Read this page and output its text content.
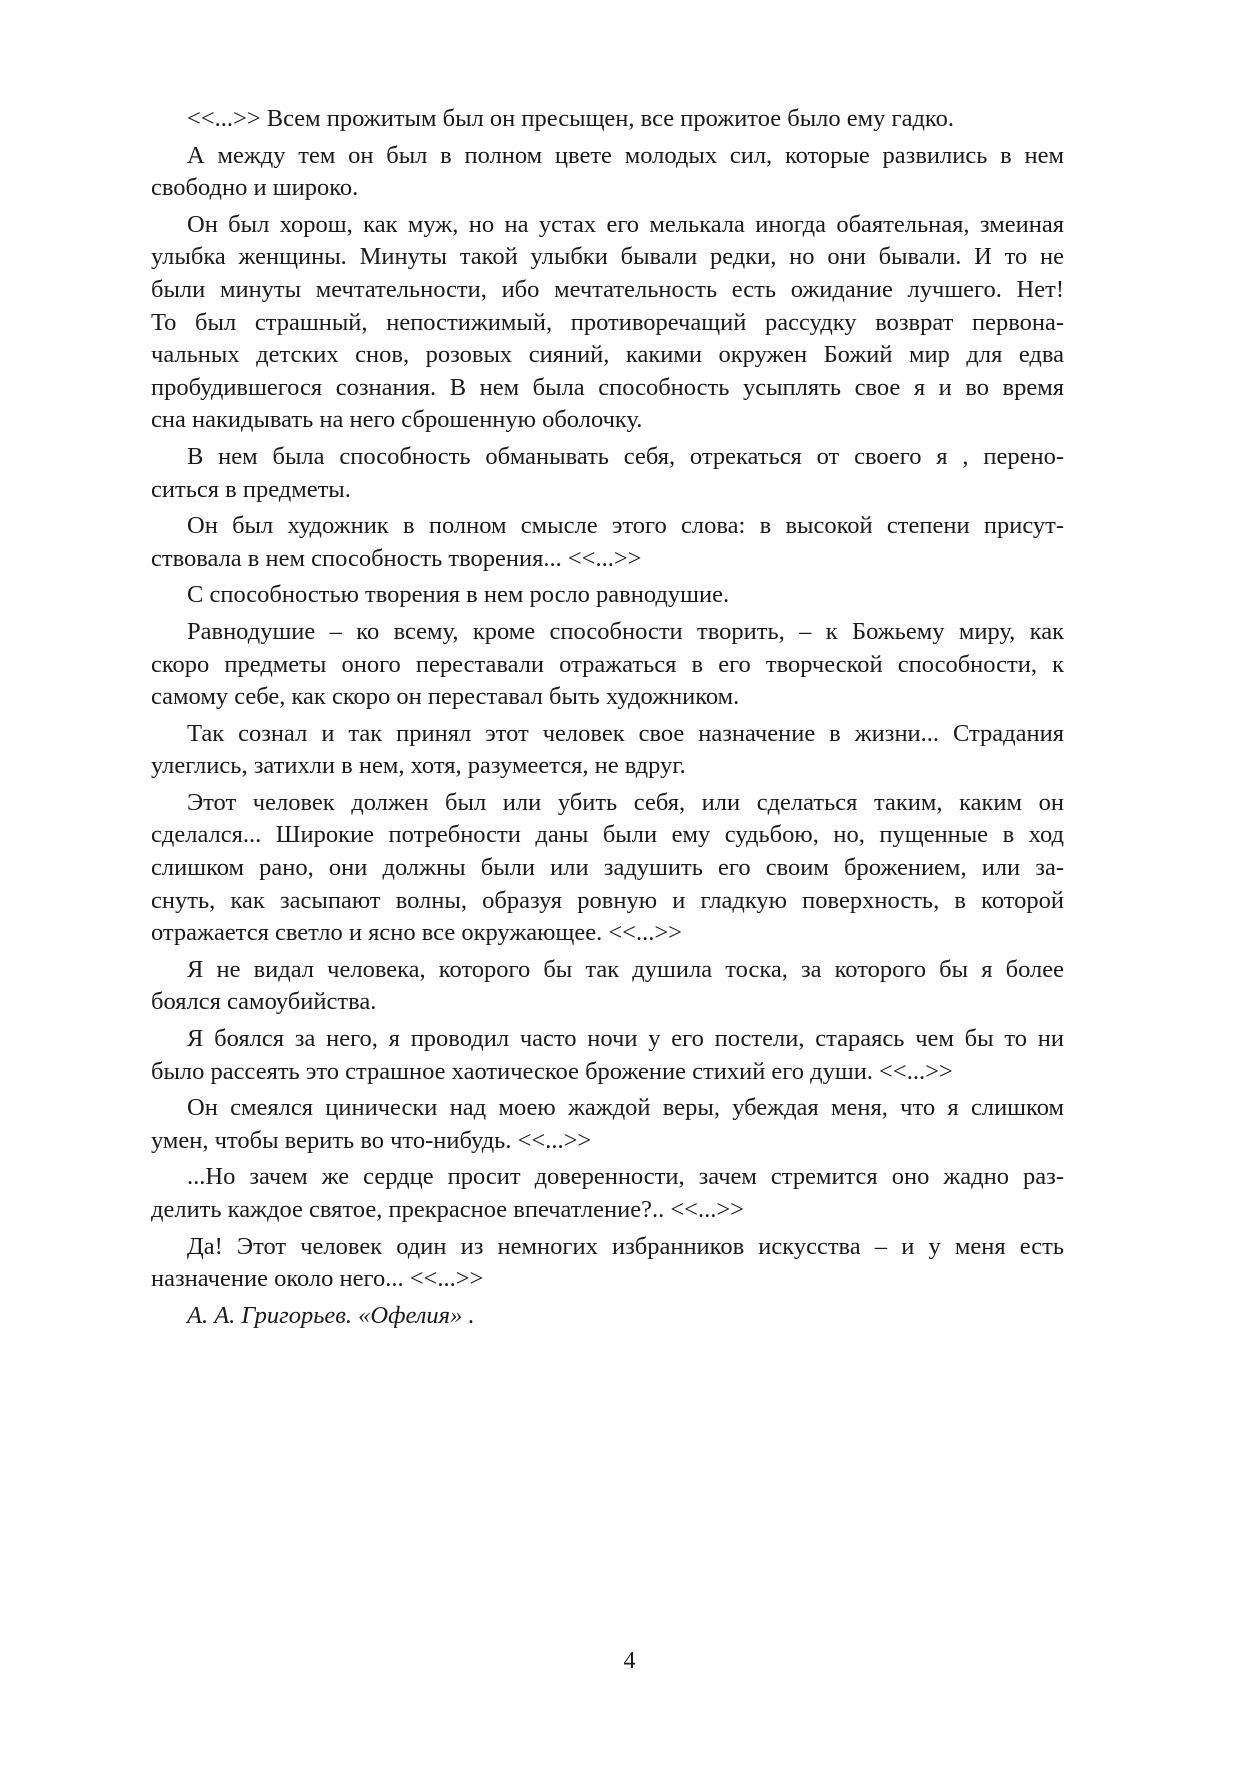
<<...>> Всем прожитым был он пресыщен, все прожитое было ему гадко.
А между тем он был в полном цвете молодых сил, которые развились в нем
свободно и широко.
Он был хорош, как муж, но на устах его мелькала иногда обаятельная, змеиная
улыбка женщины. Минуты такой улыбки бывали редки, но они бывали. И то не
были минуты мечтательности, ибо мечтательность есть ожидание лучшего. Нет!
То был страшный, непостижимый, противоречащий рассудку возврат первона-
чальных детских снов, розовых сияний, какими окружен Божий мир для едва
пробудившегося сознания. В нем была способность усыплять свое я и во время
сна накидывать на него сброшенную оболочку.
В нем была способность обманывать себя, отрекаться от своего я , перено-
ситься в предметы.
Он был художник в полном смысле этого слова: в высокой степени присут-
ствовала в нем способность творения... <<...>>
С способностью творения в нем росло равнодушие.
Равнодушие – ко всему, кроме способности творить, – к Божьему миру, как
скоро предметы оного переставали отражаться в его творческой способности, к
самому себе, как скоро он переставал быть художником.
Так сознал и так принял этот человек свое назначение в жизни... Страдания
улеглись, затихли в нем, хотя, разумеется, не вдруг.
Этот человек должен был или убить себя, или сделаться таким, каким он
сделался... Широкие потребности даны были ему судьбою, но, пущенные в ход
слишком рано, они должны были или задушить его своим брожением, или за-
снуть, как засыпают волны, образуя ровную и гладкую поверхность, в которой
отражается светло и ясно все окружающее. <<...>>
Я не видал человека, которого бы так душила тоска, за которого бы я более
боялся самоубийства.
Я боялся за него, я проводил часто ночи у его постели, стараясь чем бы то ни
было рассеять это страшное хаотическое брожение стихий его души. <<...>>
Он смеялся цинически над моею жаждой веры, убеждая меня, что я слишком
умен, чтобы верить во что-нибудь. <<...>>
...Но зачем же сердце просит доверенности, зачем стремится оно жадно раз-
делить каждое святое, прекрасное впечатление?.. <<...>>
Да! Этот человек один из немногих избранников искусства – и у меня есть
назначение около него... <<...>>
А. А. Григорьев. «Офелия» .
4
